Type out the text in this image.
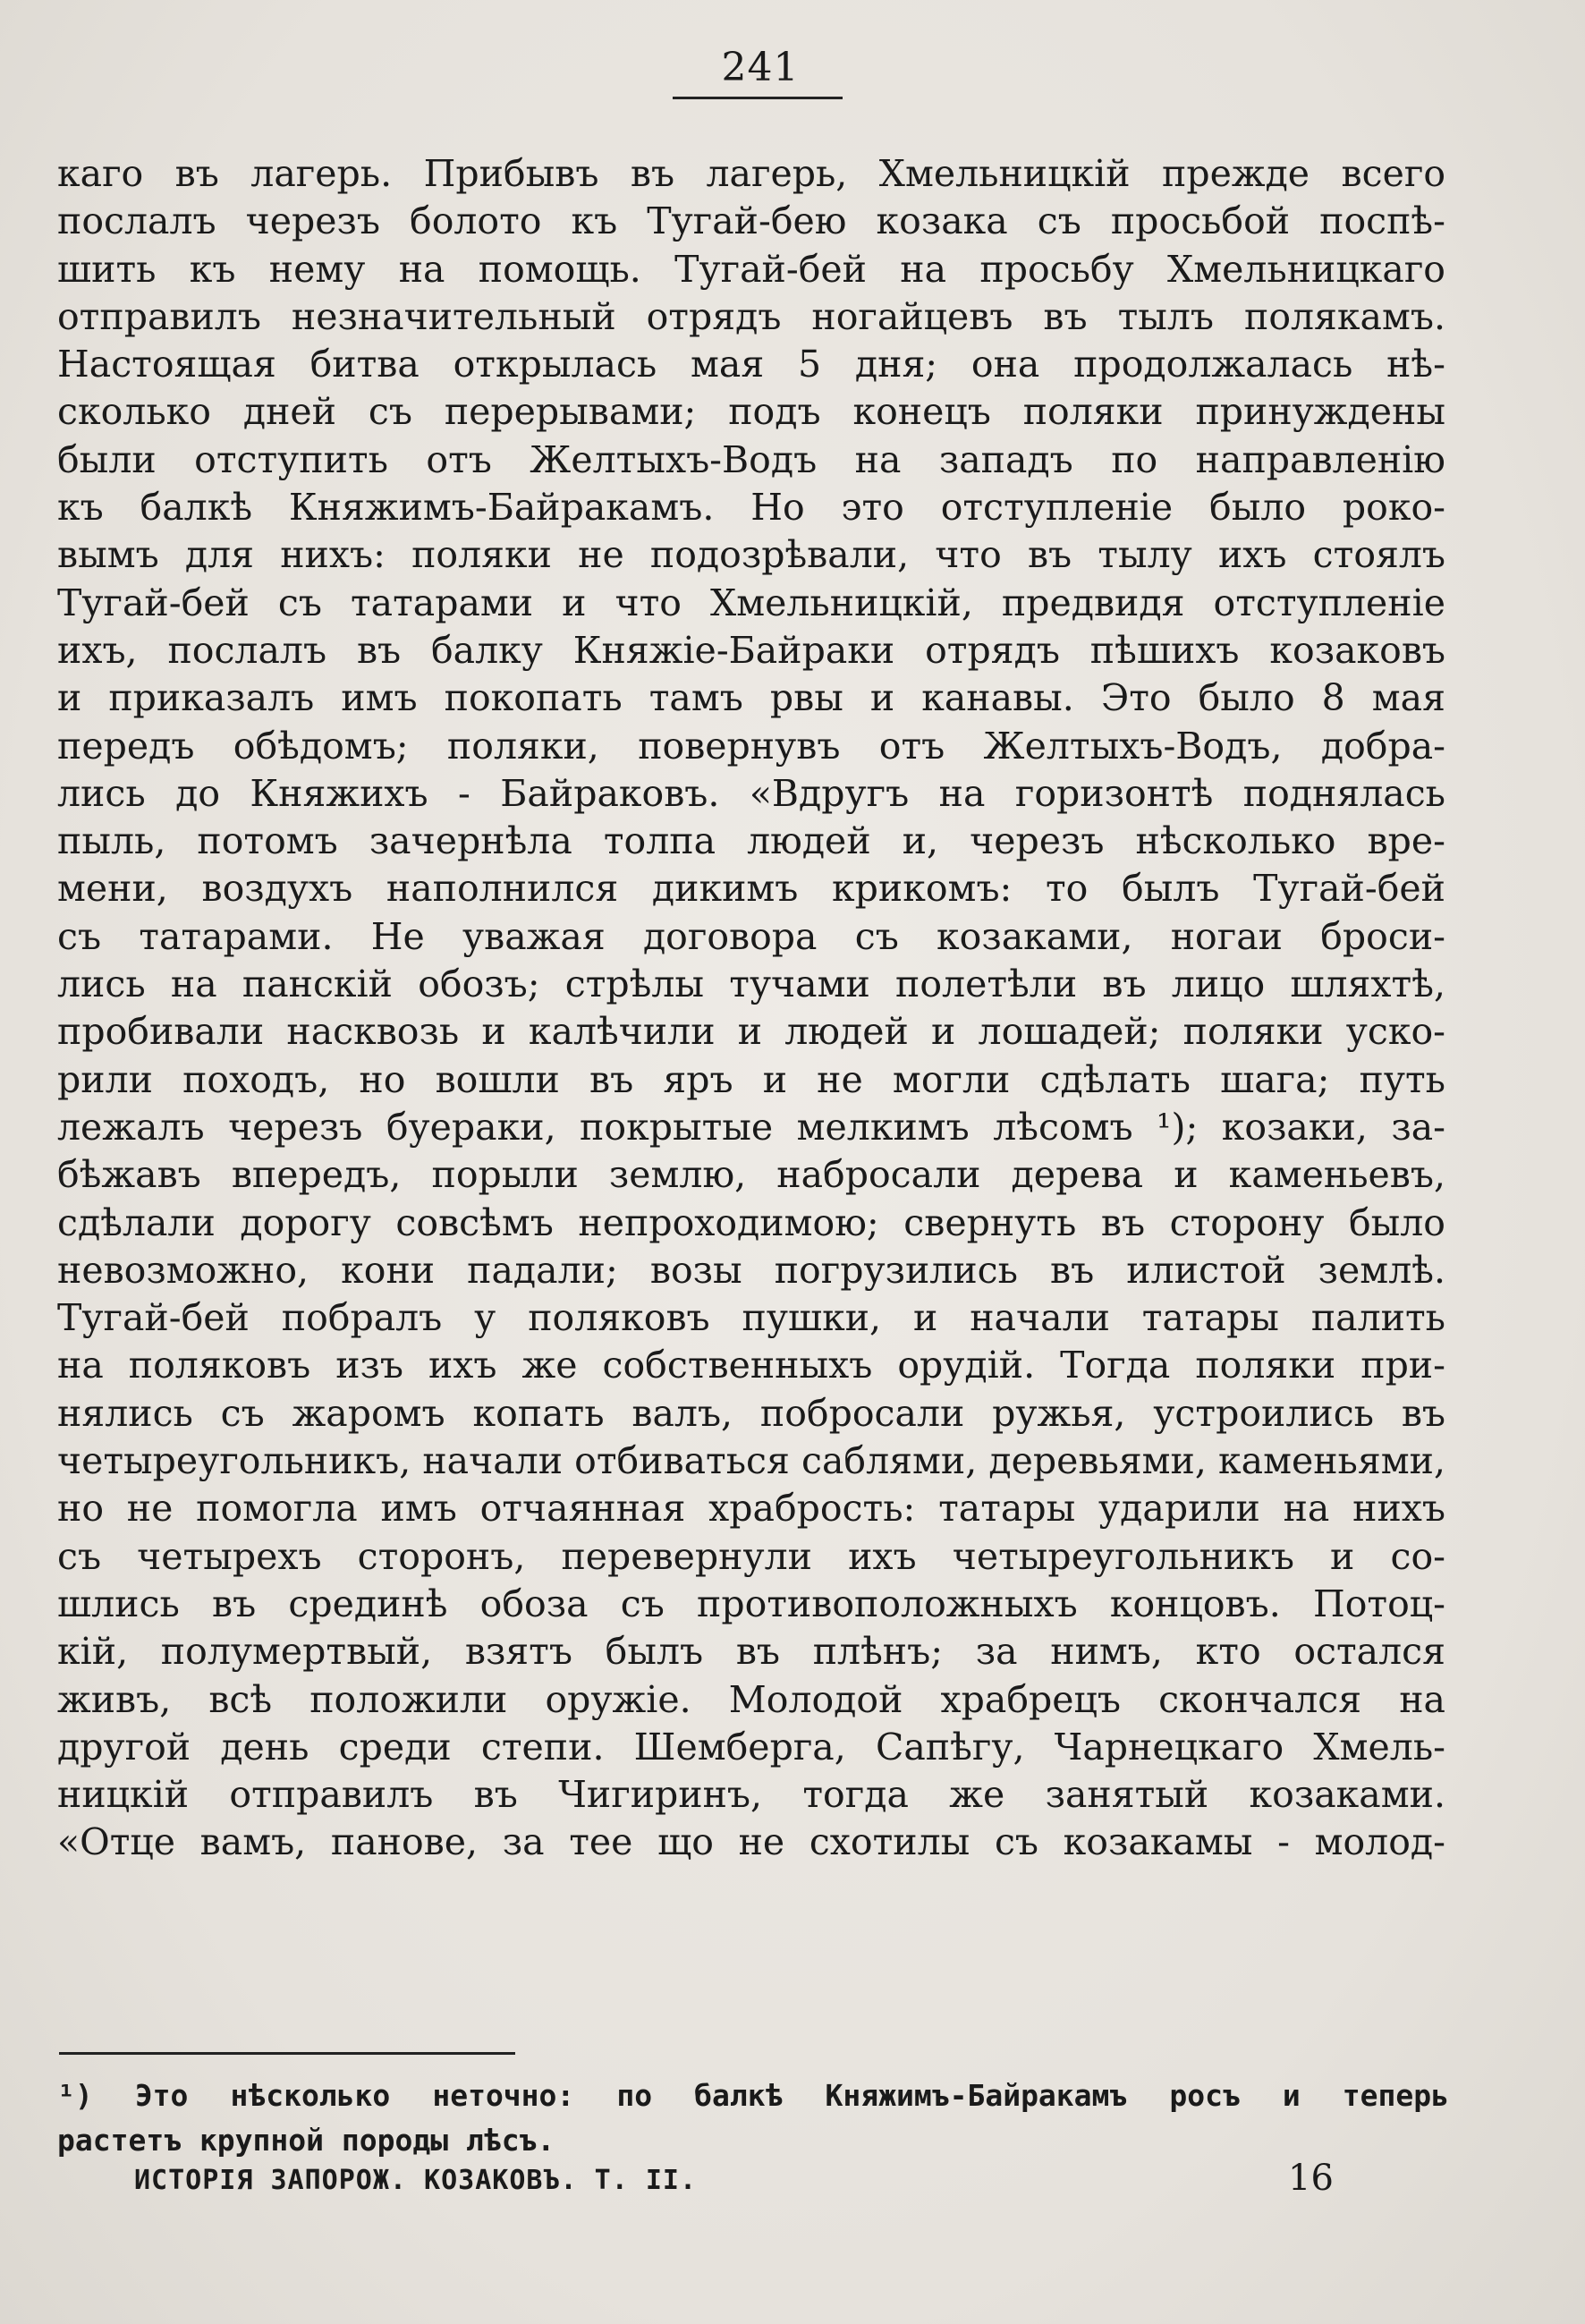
241
каго въ лагерь. Прибывъ въ лагерь, Хмельницкій прежде всего
послалъ черезъ болото къ Тугай-бею козака съ просьбой поспѣ-
шить къ нему на помощь. Тугай-бей на просьбу Хмельницкаго
отправилъ незначительный отрядъ ногайцевъ въ тылъ полякамъ.
Настоящая битва открылась мая 5 дня; она продолжалась нѣ-
сколько дней съ перерывами; подъ конецъ поляки принуждены
были отступить отъ Желтыхъ-Водъ на западъ по направленію
къ балкѣ Княжимъ-Байракамъ. Но это отступленіе было роко-
вымъ для нихъ: поляки не подозрѣвали, что въ тылу ихъ стоялъ
Тугай-бей съ татарами и что Хмельницкій, предвидя отступленіе
ихъ, послалъ въ балку Княжіе-Байраки отрядъ пѣшихъ козаковъ
и приказалъ имъ покопать тамъ рвы и канавы. Это было 8 мая
передъ обѣдомъ; поляки, повернувъ отъ Желтыхъ-Водъ, добра-
лись до Княжихъ - Байраковъ. «Вдругъ на горизонтѣ поднялась
пыль, потомъ зачернѣла толпа людей и, черезъ нѣсколько вре-
мени, воздухъ наполнился дикимъ крикомъ: то былъ Тугай-бей
съ татарами. Не уважая договора съ козаками, ногаи броси-
лись на панскій обозъ; стрѣлы тучами полетѣли въ лицо шляхтѣ,
пробивали насквозь и калѣчили и людей и лошадей; поляки уско-
рили походъ, но вошли въ яръ и не могли сдѣлать шага; путь
лежалъ черезъ буераки, покрытые мелкимъ лѣсомъ ¹); козаки, за-
бѣжавъ впередъ, порыли землю, набросали дерева и каменьевъ,
сдѣлали дорогу совсѣмъ непроходимою; свернуть въ сторону было
невозможно, кони падали; возы погрузились въ илистой землѣ.
Тугай-бей побралъ у поляковъ пушки, и начали татары палить
на поляковъ изъ ихъ же собственныхъ орудій. Тогда поляки при-
нялись съ жаромъ копать валъ, побросали ружья, устроились въ
четыреугольникъ, начали отбиваться саблями, деревьями, каменьями,
но не помогла имъ отчаянная храбрость: татары ударили на нихъ
съ четырехъ сторонъ, перевернули ихъ четыреугольникъ и со-
шлись въ срединѣ обоза съ противоположныхъ концовъ. Потоц-
кій, полумертвый, взятъ былъ въ плѣнъ; за нимъ, кто остался
живъ, всѣ положили оружіе. Молодой храбрецъ скончался на
другой день среди степи. Шемберга, Сапѣгу, Чарнецкаго Хмель-
ницкій отправилъ въ Чигиринъ, тогда же занятый козаками.
«Отце вамъ, панове, за тее що не схотилы съ козакамы - молод-
¹) Это нѣсколько неточно: по балкѣ Княжимъ-Байракамъ росъ и теперь
растетъ крупной породы лѣсъ.
ИСТОРІЯ ЗАПОРОЖ. КОЗАКОВЪ. Т. II.	16
